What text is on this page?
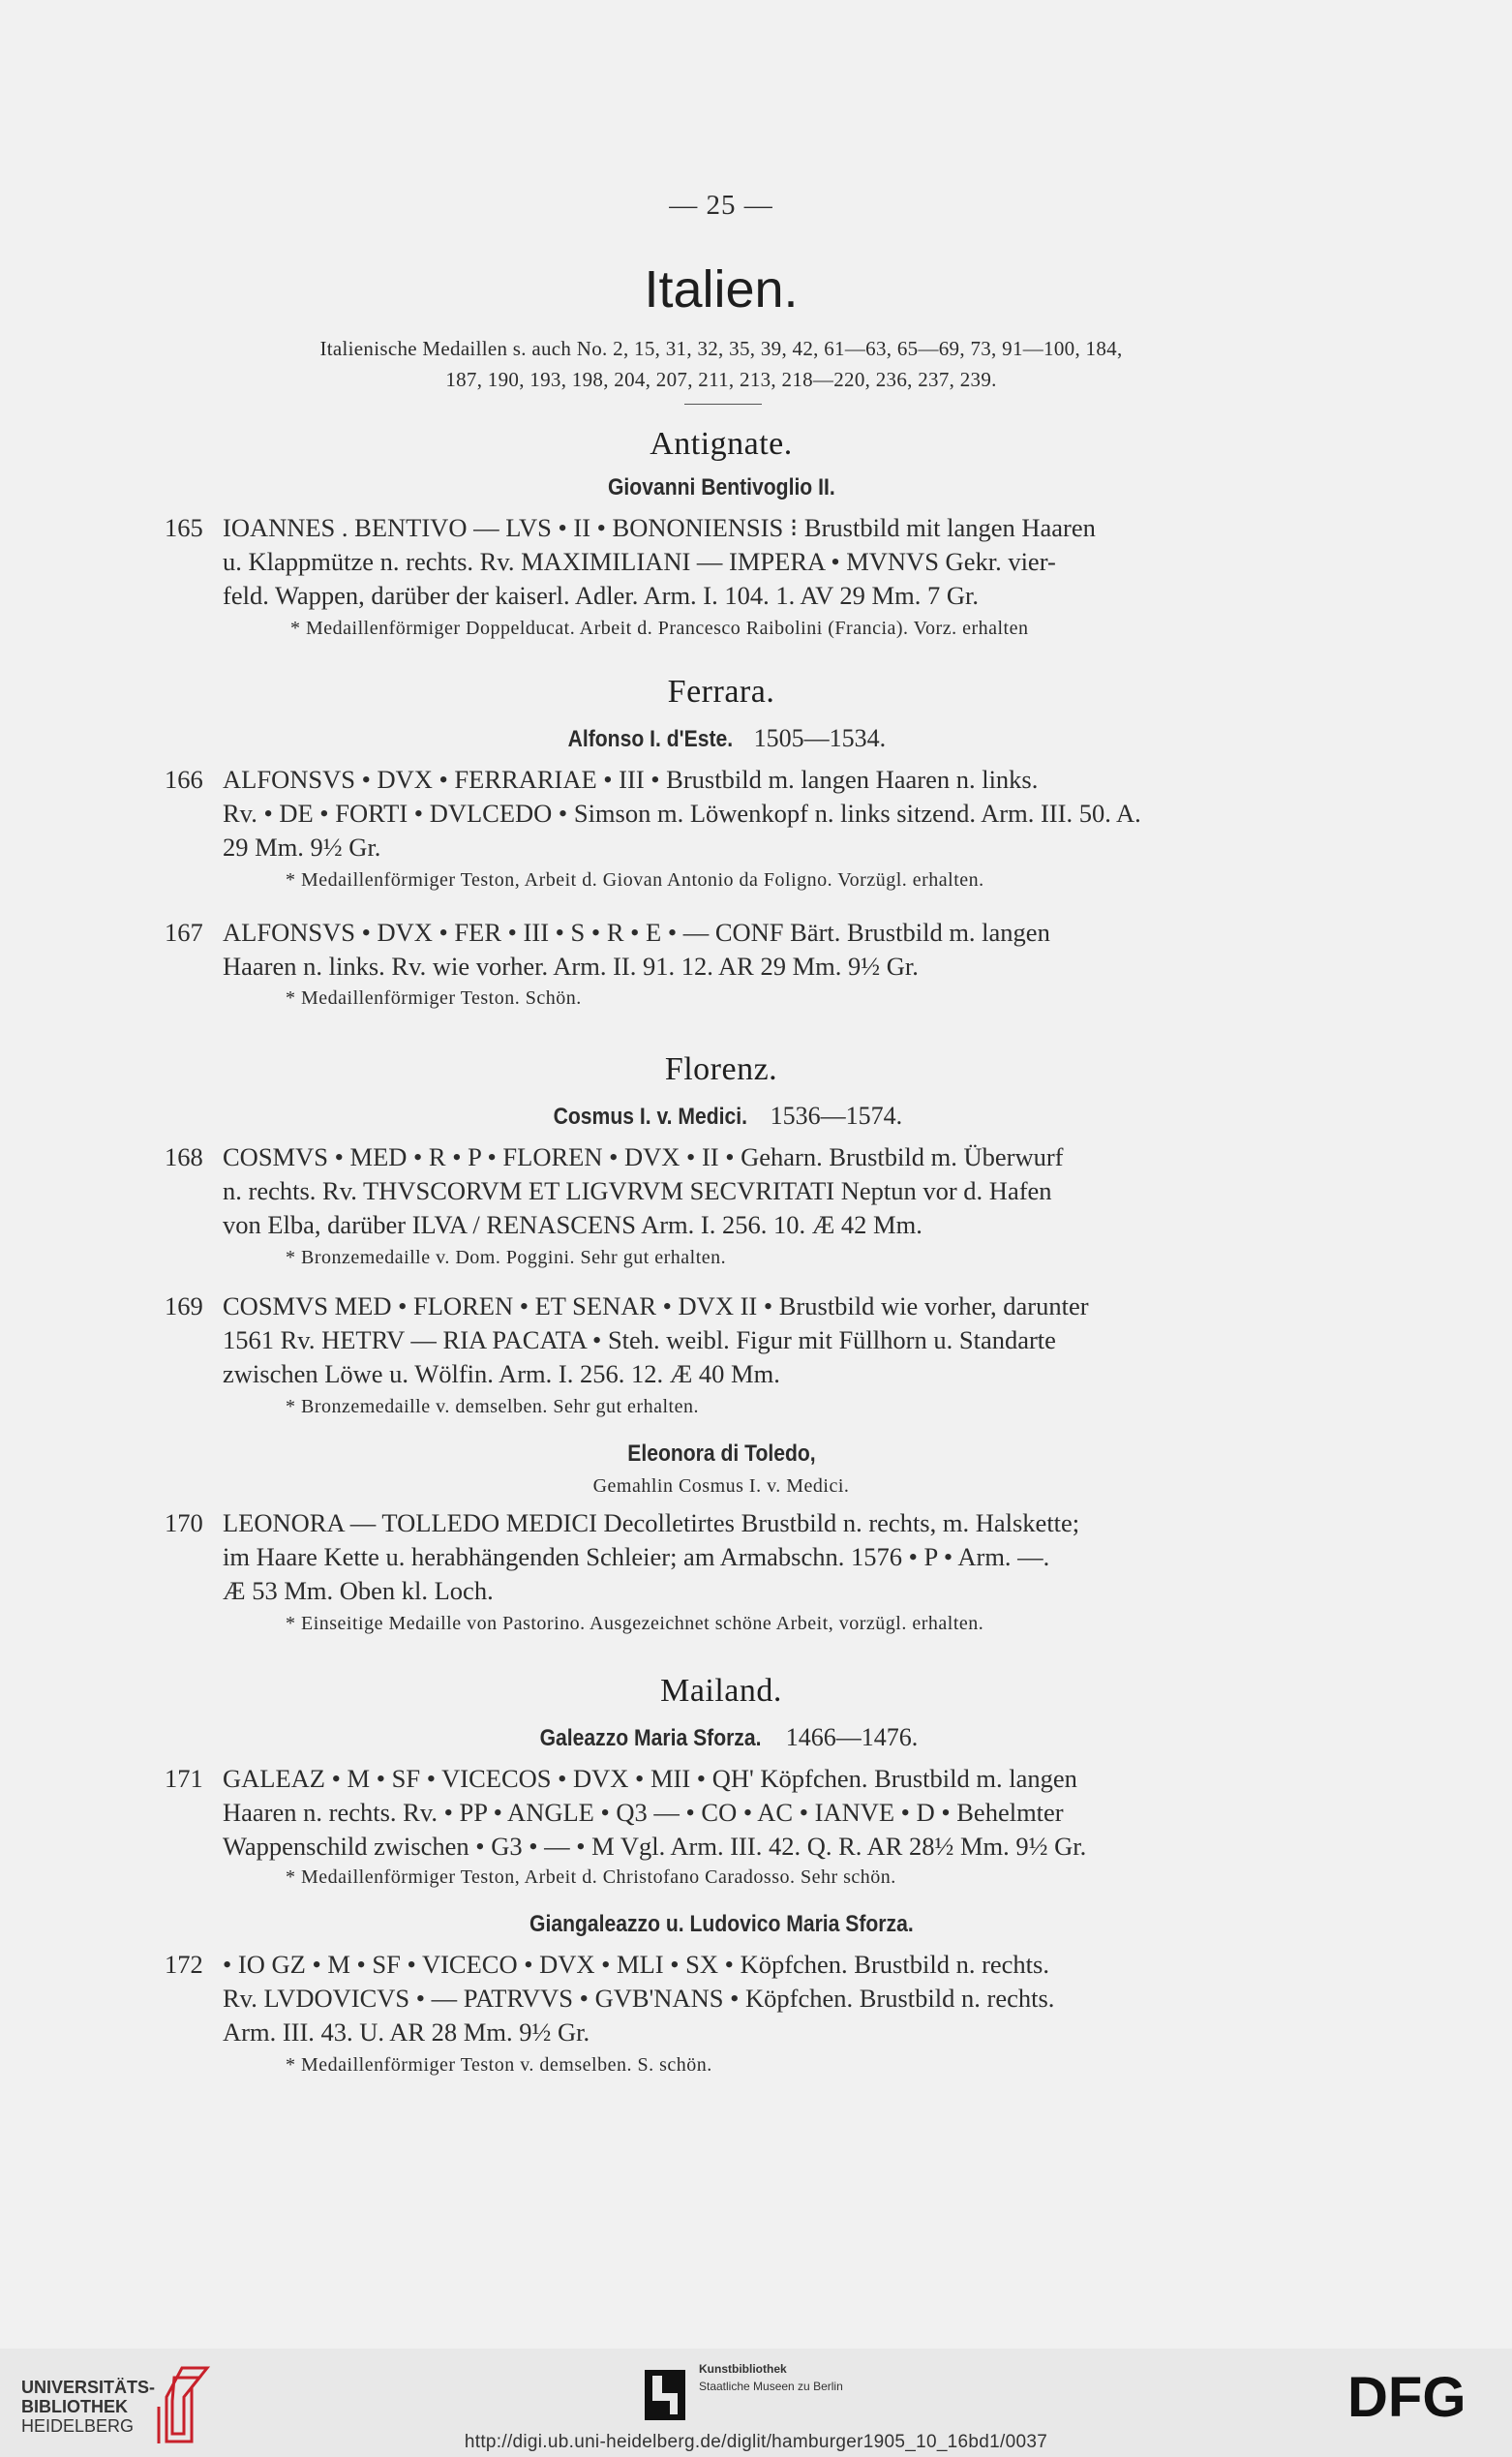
— 25 —
Italien.
Italienische Medaillen s. auch No. 2, 15, 31, 32, 35, 39, 42, 61—63, 65—69, 73, 91—100, 184,
187, 190, 193, 198, 204, 207, 211, 213, 218—220, 236, 237, 239.
Antignate.
Giovanni Bentivoglio II.
165 IOANNES . BENTIVO — LVS • II • BONONIENSIS ⁝ Brustbild mit langen Haaren
u. Klappmütze n. rechts. Rv. MAXIMILIANI — IMPERA • MVNVS Gekr. vier-
feld. Wappen, darüber der kaiserl. Adler. Arm. I. 104. 1. AV 29 Mm. 7 Gr.
* Medaillenförmiger Doppelducat. Arbeit d. Prancesco Raibolini (Francia). Vorz. erhalten
Ferrara.
Alfonso I. d'Este. 1505—1534.
166 ALFONSVS • DVX • FERRARIAE • III • Brustbild m. langen Haaren n. links.
Rv. • DE • FORTI • DVLCEDO • Simson m. Löwenkopf n. links sitzend. Arm. III. 50. A.
29 Mm. 9½ Gr.
* Medaillenförmiger Teston, Arbeit d. Giovan Antonio da Foligno. Vorzügl. erhalten.
167 ALFONSVS • DVX • FER • III • S • R • E • — CONF Bärt. Brustbild m. langen
Haaren n. links. Rv. wie vorher. Arm. II. 91. 12. AR 29 Mm. 9½ Gr.
* Medaillenförmiger Teston. Schön.
Florenz.
Cosmus I. v. Medici. 1536—1574.
168 COSMVS • MED • R • P • FLOREN • DVX • II • Geharn. Brustbild m. Überwurf
n. rechts. Rv. THVSCORVM ET LIGVRVM SECVRITATI Neptun vor d. Hafen
von Elba, darüber ILVA / RENASCENS Arm. I. 256. 10. Æ 42 Mm.
* Bronzemedaille v. Dom. Poggini. Sehr gut erhalten.
169 COSMVS MED • FLOREN • ET SENAR • DVX II • Brustbild wie vorher, darunter
1561 Rv. HETRV — RIA PACATA • Steh. weibl. Figur mit Füllhorn u. Standarte
zwischen Löwe u. Wölfin. Arm. I. 256. 12. Æ 40 Mm.
* Bronzemedaille v. demselben. Sehr gut erhalten.
Eleonora di Toledo,
Gemahlin Cosmus I. v. Medici.
170 LEONORA — TOLLEDO MEDICI Decolletirtes Brustbild n. rechts, m. Halskette;
im Haare Kette u. herabhängenden Schleier; am Armabschn. 1576 • P • Arm. —.
Æ 53 Mm. Oben kl. Loch.
* Einseitige Medaille von Pastorino. Ausgezeichnet schöne Arbeit, vorzügl. erhalten.
Mailand.
Galeazzo Maria Sforza. 1466—1476.
171 GALEAZ • M • SF • VICECOS • DVX • MII • QH' Köpfchen. Brustbild m. langen
Haaren n. rechts. Rv. • PP • ANGLE • Q3 — • CO • AC • IANVE • D • Behelmter
Wappenschild zwischen • G3 • — • M Vgl. Arm. III. 42. Q. R. AR 28½ Mm. 9½ Gr.
* Medaillenförmiger Teston, Arbeit d. Christofano Caradosso. Sehr schön.
Giangaleazzo u. Ludovico Maria Sforza.
172 • IO GZ • M • SF • VICECO • DVX • MLI • SX • Köpfchen. Brustbild n. rechts.
Rv. LVDOVICVS • — PATRVVS • GVB'NANS • Köpfchen. Brustbild n. rechts.
Arm. III. 43. U. AR 28 Mm. 9½ Gr.
* Medaillenförmiger Teston v. demselben. S. schön.
UNIVERSITÄTS-
BIBLIOTHEK
HEIDELBERG
Kunstbibliothek
Staatliche Museen zu Berlin
http://digi.ub.uni-heidelberg.de/diglit/hamburger1905_10_16bd1/0037
DFG
